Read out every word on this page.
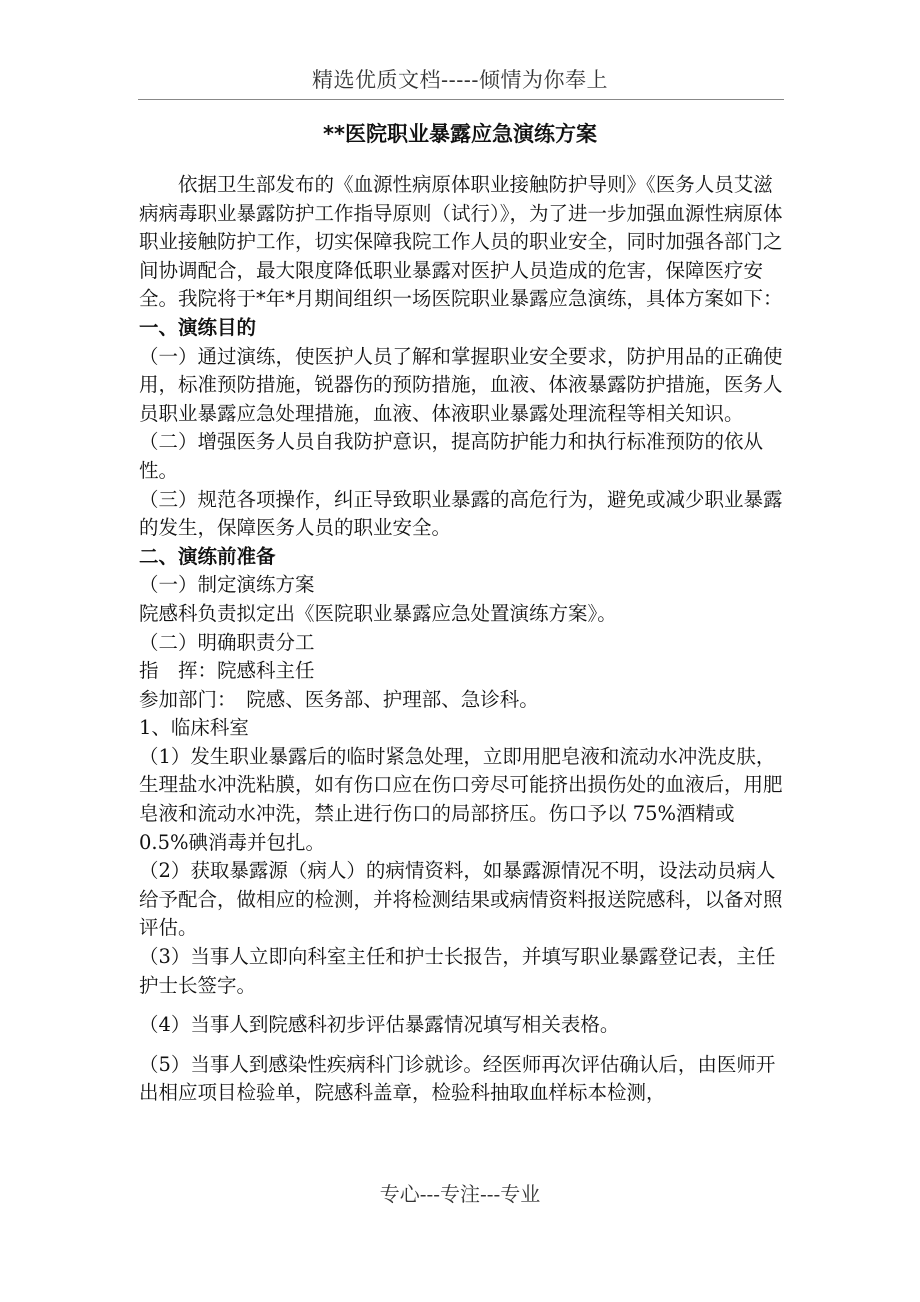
精选优质文档-----倾情为你奉上
**医院职业暴露应急演练方案

依据卫生部发布的《血源性病原体职业接触防护导则》《医务人员艾滋病病毒职业暴露防护工作指导原则（试行）》，为了进一步加强血源性病原体职业接触防护工作，切实保障我院工作人员的职业安全，同时加强各部门之间协调配合，最大限度降低职业暴露对医护人员造成的危害，保障医疗安全。我院将于*年*月期间组织一场医院职业暴露应急演练，具体方案如下：

一、演练目的

（一）通过演练，使医护人员了解和掌握职业安全要求，防护用品的正确使用，标准预防措施，锐器伤的预防措施，血液、体液暴露防护措施，医务人员职业暴露应急处理措施，血液、体液职业暴露处理流程等相关知识。

（二）增强医务人员自我防护意识，提高防护能力和执行标准预防的依从性。

（三）规范各项操作，纠正导致职业暴露的高危行为，避免或减少职业暴露的发生，保障医务人员的职业安全。

二、演练前准备

（一）制定演练方案

院感科负责拟定出《医院职业暴露应急处置演练方案》。

（二）明确职责分工

指　挥：院感科主任

参加部门：　院感、医务部、护理部、急诊科。

1、临床科室

（1）发生职业暴露后的临时紧急处理，立即用肥皂液和流动水冲洗皮肤，生理盐水冲洗粘膜，如有伤口应在伤口旁尽可能挤出损伤处的血液后，用肥皂液和流动水冲洗，禁止进行伤口的局部挤压。伤口予以 75%酒精或 0.5%碘消毒并包扎。

（2）获取暴露源（病人）的病情资料，如暴露源情况不明，设法动员病人给予配合，做相应的检测，并将检测结果或病情资料报送院感科，以备对照评估。

（3）当事人立即向科室主任和护士长报告，并填写职业暴露登记表，主任护士长签字。

（4）当事人到院感科初步评估暴露情况填写相关表格。

（5）当事人到感染性疾病科门诊就诊。经医师再次评估确认后，由医师开出相应项目检验单，院感科盖章，检验科抽取血样标本检测，

专心---专注---专业
